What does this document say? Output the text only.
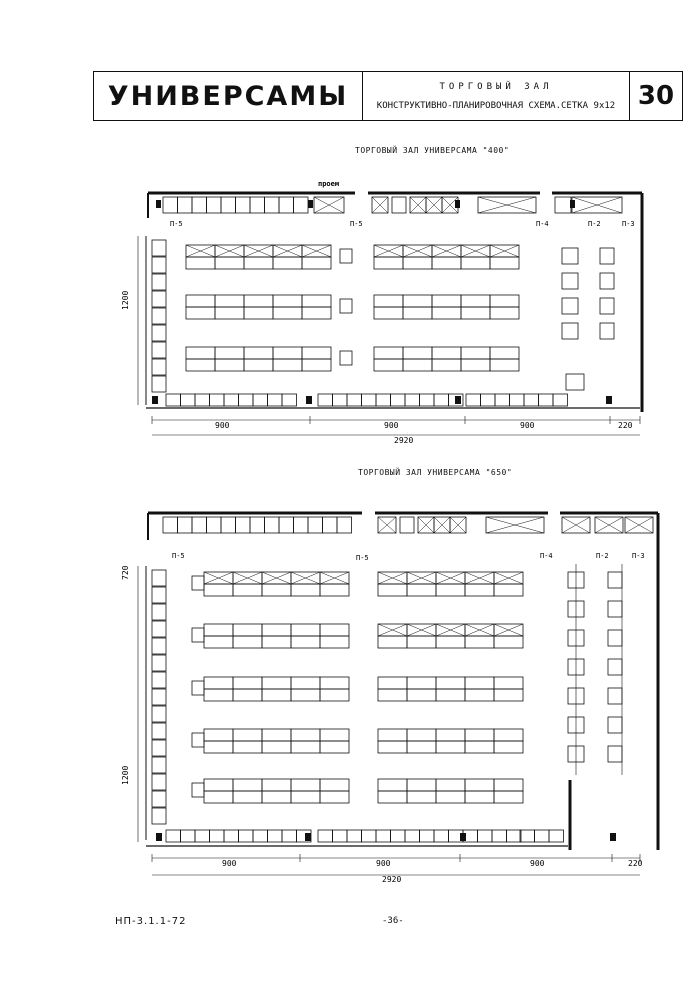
УНИВЕРСАМЫ	ТОРГОВЫЙ ЗАЛ
КОНСТРУКТИВНО-ПЛАНИРОВОЧНАЯ СХЕМА.СЕТКА 9х12 30
ТОРГОВЫЙ ЗАЛ УНИВЕРСАМА "400"
ТОРГОВЫЙ ЗАЛ УНИВЕРСАМА "650"
проем
900	900	900	220
2920
1200
П-5	П-5	П-4	П-2	П-3
900	900	900	220
2920
1200
720
П-5	П-5	П-4	П-2	П-3
НП-3.1.1-72	-36-
